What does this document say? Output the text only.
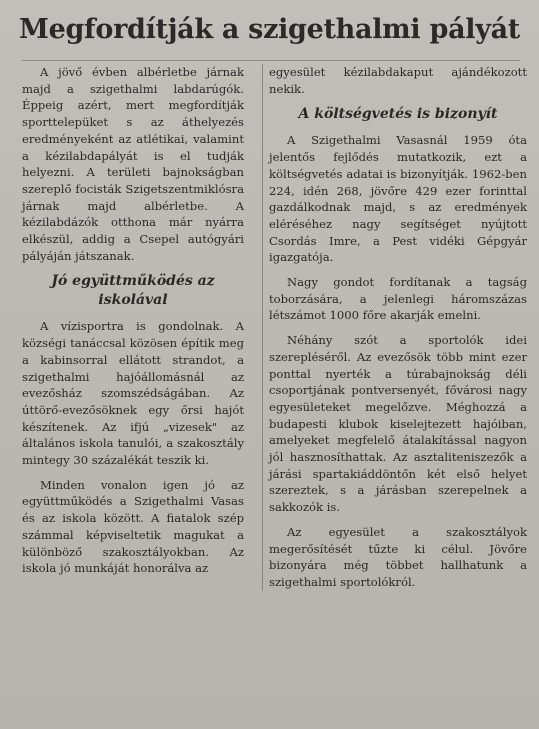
Megfordítják a szigethalmi pályát

A jövő évben albérletbe járnak majd a szigethalmi labdarúgók. Éppeig azért, mert megfordítják sporttelepüket s az áthelyezés eredményeként az atlétikai, valamint a kézilabdapályát is el tudják helyezni. A területi bajnokságban szereplő focisták Szigetszentmiklósra járnak majd albérletbe. A kézilabdázók otthona már nyárra elkészül, addig a Csepel autógyári pályáján játszanak.

Jó együttműködés az iskolával

A vízisportra is gondolnak. A községi tanáccsal közösen építik meg a kabinsorral ellátott strandot, a szigethalmi hajóállomásnál az evezősház szomszédságában. Az úttörő-evezősöknek egy őrsi hajót készítenek. Az ifjú „vizesek" az általános iskola tanulói, a szakosztály mintegy 30 százalékát teszik ki.

Minden vonalon igen jó az együttműködés a Szigethalmi Vasas és az iskola között. A fiatalok szép számmal képviseltetik magukat a különböző szakosztályokban. Az iskola jó munkáját honorálva az

egyesület kézilabdakaput ajándékozott nekik.

A költségvetés is bizonyít

A Szigethalmi Vasasnál 1959 óta jelentős fejlődés mutatkozik, ezt a költségvetés adatai is bizonyítják. 1962-ben 224, idén 268, jövőre 429 ezer forinttal gazdálkodnak majd, s az eredmények eléréséhez nagy segítséget nyújtott Csordás Imre, a Pest vidéki Gépgyár igazgatója.

Nagy gondot fordítanak a tagság toborzására, a jelenlegi háromszázas létszámot 1000 főre akarják emelni.

Néhány szót a sportolók idei szerepléséről. Az evezősök több mint ezer ponttal nyerték a túrabajnokság déli csoportjának pontversenyét, fővárosi nagy egyesületeket megelőzve. Méghozzá a budapesti klubok kiselejtezett hajóiban, amelyeket megfelelő átalakítással nagyon jól hasznosíthattak. Az asztaliteniszezők a járási spartakiáddöntőn két első helyet szereztek, s a járásban szerepelnek a sakkozók is.

Az egyesület a szakosztályok megerősítését tűzte ki célul. Jövőre bizonyára még többet hallhatunk a szigethalmi sportolókról.
